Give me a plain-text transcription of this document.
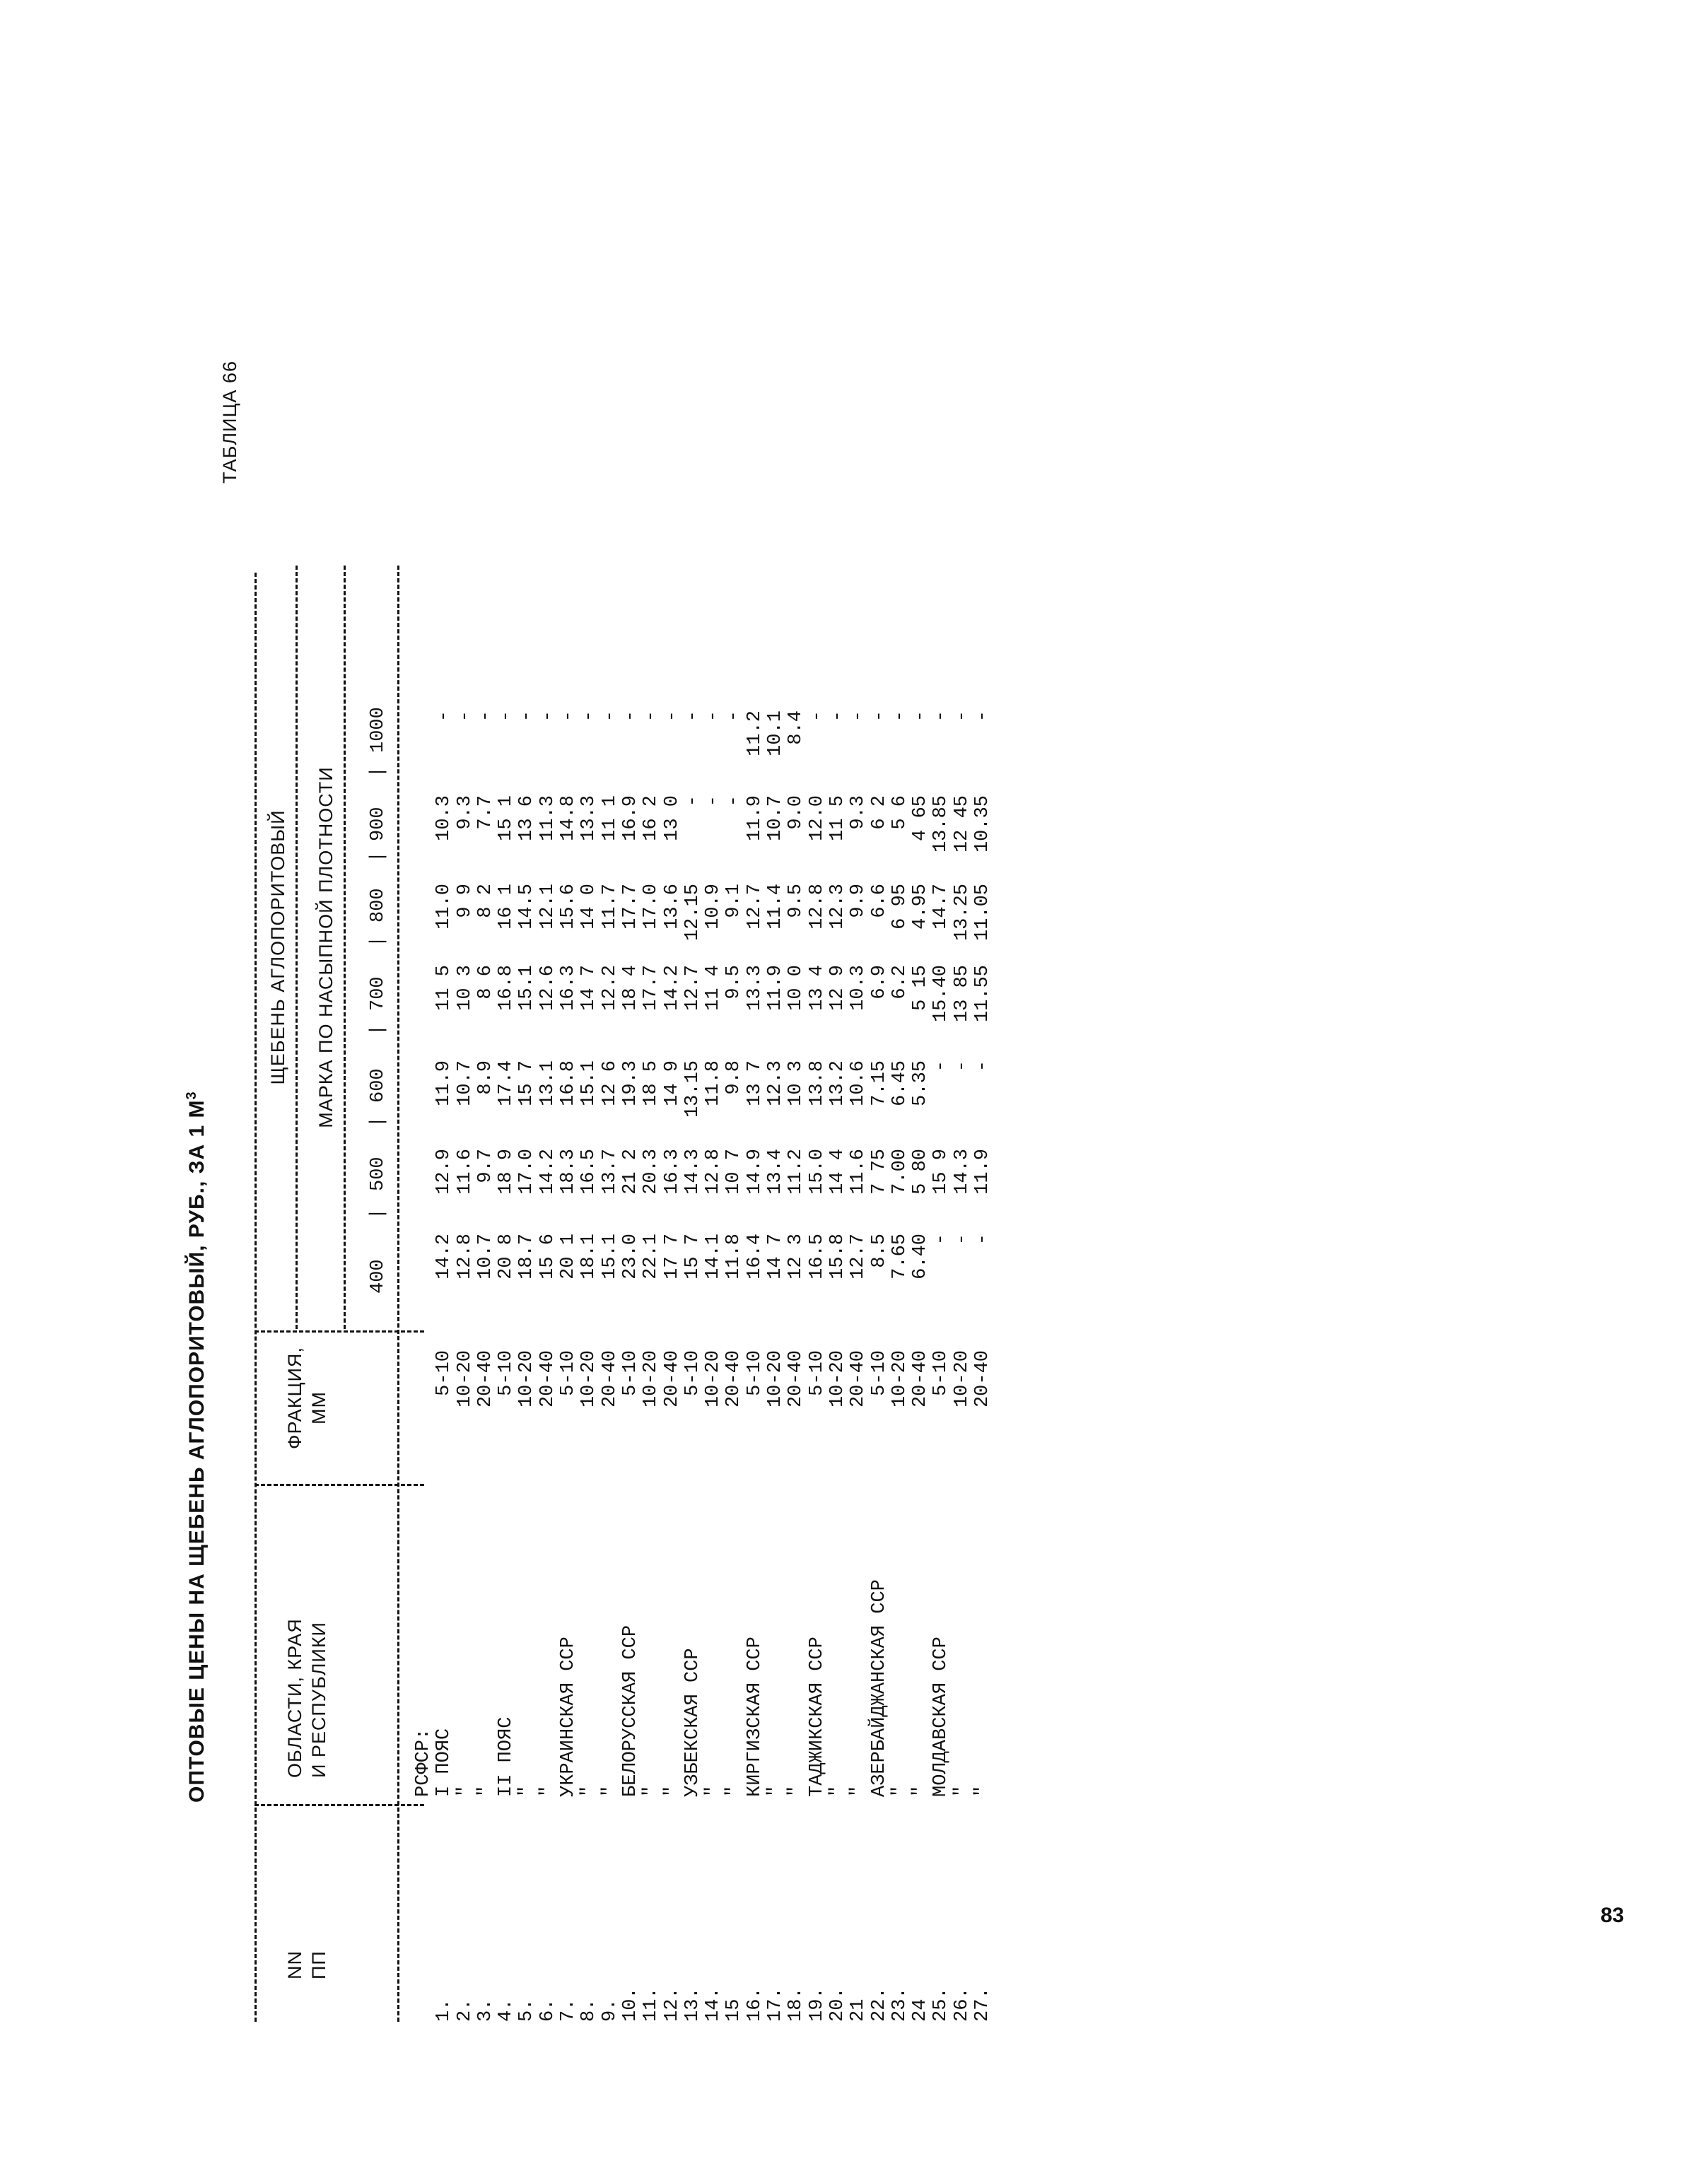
ОПТОВЫЕ ЦЕНЫ НА ЩЕБЕНЬ АГЛОПОРИТОВЫЙ, РУБ., ЗА 1 $М^3$
ТАБЛИЦА 66
NN ПП
ОБЛАСТИ, КРАЯ И РЕСПУБЛИКИ
ФРАКЦИЯ, ММ
ЩЕБЕНЬ АГЛОПОРИТОВЫЙ МАРКА ПО НАСЫПНОЙ ПЛОТНОСТИ
400
500
600
700
800
900
1000
|
|
|
|
|
|
РСФСР:
1.
I ПОЯС
5-10
14.2
12.9
11.9
11 5
11.0
10.3
-
2.
"
10-20
12.8
11.6
10.7
10 3
9 9
9.3
-
3.
"
20-40
10.7
9.7
8.9
8 6
8 2
7.7
-
4.
II ПОЯС
5-10
20 8
18 9
17.4
16.8
16 1
15 1
-
5.
"
10-20
18.7
17.0
15 7
15.1
14.5
13 6
-
6.
"
20-40
15 6
14.2
13.1
12.6
12.1
11.3
-
7.
УКРАИНСКАЯ ССР
5-10
20 1
18.3
16.8
16.3
15.6
14.8
-
8.
"
10-20
18.1
16.5
15.1
14 7
14 0
13.3
-
9.
"
20-40
15.1
13.7
12 6
12.2
11.7
11 1
-
10.
БЕЛОРУССКАЯ ССР
5-10
23.0
21 2
19.3
18 4
17.7
16.9
-
11.
"
10-20
22.1
20.3
18 5
17.7
17.0
16 2
-
12.
"
20-40
17 7
16.3
14 9
14.2
13.6
13 0
-
13.
УЗБЕКСКАЯ ССР
5-10
15 7
14.3
13.15
12.7
12.15
-
-
14.
"
10-20
14.1
12.8
11.8
11 4
10.9
-
-
15
"
20-40
11.8
10 7
9.8
9.5
9.1
-
-
16.
КИРГИЗСКАЯ ССР
5-10
16.4
14.9
13 7
13.3
12.7
11.9
11.2
17.
"
10-20
14 7
13.4
12.3
11.9
11.4
10.7
10.1
18.
"
20-40
12 3
11.2
10 3
10 0
9.5
9.0
8.4
19.
ТАДЖИКСКАЯ ССР
5-10
16.5
15.0
13.8
13 4
12.8
12.0
-
20.
"
10-20
15.8
14 4
13.2
12 9
12.3
11 5
-
21
"
20-40
12.7
11.6
10.6
10.3
9.9
9.3
-
22.
АЗЕРБАЙДЖАНСКАЯ ССР
5-10
8.5
7 75
7.15
6.9
6.6
6 2
-
23.
"
10-20
7.65
7.00
6.45
6.2
6 95
5 6
-
24
"
20-40
6.40
5 80
5.35
5 15
4.95
4 65
-
25.
МОЛДАВСКАЯ ССР
5-10
-
15 9
-
15.40
14.7
13.85
-
26.
"
10-20
-
14.3
-
13 85
13.25
12 45
-
27.
"
20-40
-
11.9
-
11.55
11.05
10.35
-
83
